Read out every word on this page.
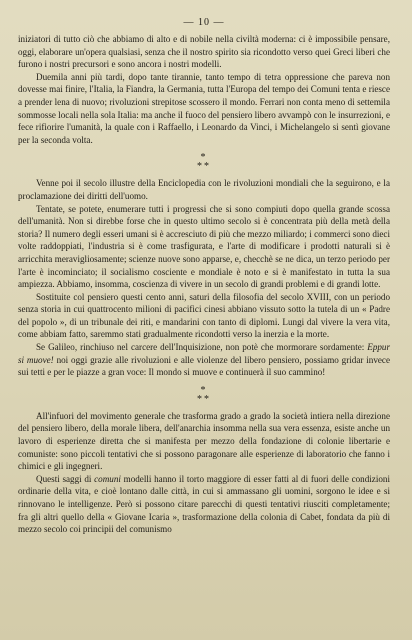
— 10 —

iniziatori di tutto ciò che abbiamo di alto e di nobile nella civiltà moderna: ci è impossibile pensare, oggi, elaborare un'opera qualsiasi, senza che il nostro spirito sia ricondotto verso quei Greci liberi che furono i nostri precursori e sono ancora i nostri modelli.

Duemila anni più tardi, dopo tante tirannie, tanto tempo di tetra oppressione che pareva non dovesse mai finire, l'Italia, la Fiandra, la Germania, tutta l'Europa del tempo dei Comuni tenta e riesce a prender lena di nuovo; rivoluzioni strepitose scossero il mondo. Ferrari non conta meno di settemila sommosse locali nella sola Italia: ma anche il fuoco del pensiero libero avvampò con le insurrezioni, e fece rifiorire l'umanità, la quale con i Raffaello, i Leonardo da Vinci, i Michelangelo si sentì giovane per la seconda volta.

*
**

Venne poi il secolo illustre della Enciclopedia con le rivoluzioni mondiali che la seguirono, e la proclamazione dei diritti dell'uomo.

Tentate, se potete, enumerare tutti i progressi che si sono compiuti dopo quella grande scossa dell'umanità. Non si direbbe forse che in questo ultimo secolo si è concentrata più della metà della storia? Il numero degli esseri umani si è accresciuto di più che mezzo miliardo; i commerci sono dieci volte raddoppiati, l'industria si è come trasfigurata, e l'arte di modificare i prodotti naturali si è arricchita meravigliosamente; scienze nuove sono apparse, e, checchè se ne dica, un terzo periodo per l'arte è incominciato; il socialismo cosciente e mondiale è noto e si è manifestato in tutta la sua ampiezza. Abbiamo, insomma, coscienza di vivere in un secolo di grandi problemi e di grandi lotte.

Sostituite col pensiero questi cento anni, saturi della filosofia del secolo XVIII, con un periodo senza storia in cui quattrocento milioni di pacifici cinesi abbiano vissuto sotto la tutela di un « Padre del popolo », di un tribunale dei riti, e mandarini con tanto di diplomi. Lungi dal vivere la vera vita, come abbiam fatto, saremmo stati gradualmente ricondotti verso la inerzia e la morte.

Se Galileo, rinchiuso nel carcere dell'Inquisizione, non potè che mormorare sordamente: Eppur si muove! noi oggi grazie alle rivoluzioni e alle violenze del libero pensiero, possiamo gridar invece sui tetti e per le piazze a gran voce: Il mondo si muove e continuerà il suo cammino!

*
**

All'infuori del movimento generale che trasforma grado a grado la società intiera nella direzione del pensiero libero, della morale libera, dell'anarchia insomma nella sua vera essenza, esiste anche un lavoro di esperienze diretta che si manifesta per mezzo della fondazione di colonie libertarie e comuniste: sono piccoli tentativi che si possono paragonare alle esperienze di laboratorio che fanno i chimici e gli ingegneri.

Questi saggi di comuni modelli hanno il torto maggiore di esser fatti al di fuori delle condizioni ordinarie della vita, e cioè lontano dalle città, in cui si ammassano gli uomini, sorgono le idee e si rinnovano le intelligenze. Però si possono citare parecchi di questi tentativi riusciti completamente; fra gli altri quello della « Giovane Icaria », trasformazione della colonia di Cabet, fondata da più di mezzo secolo coi principii del comunismo
